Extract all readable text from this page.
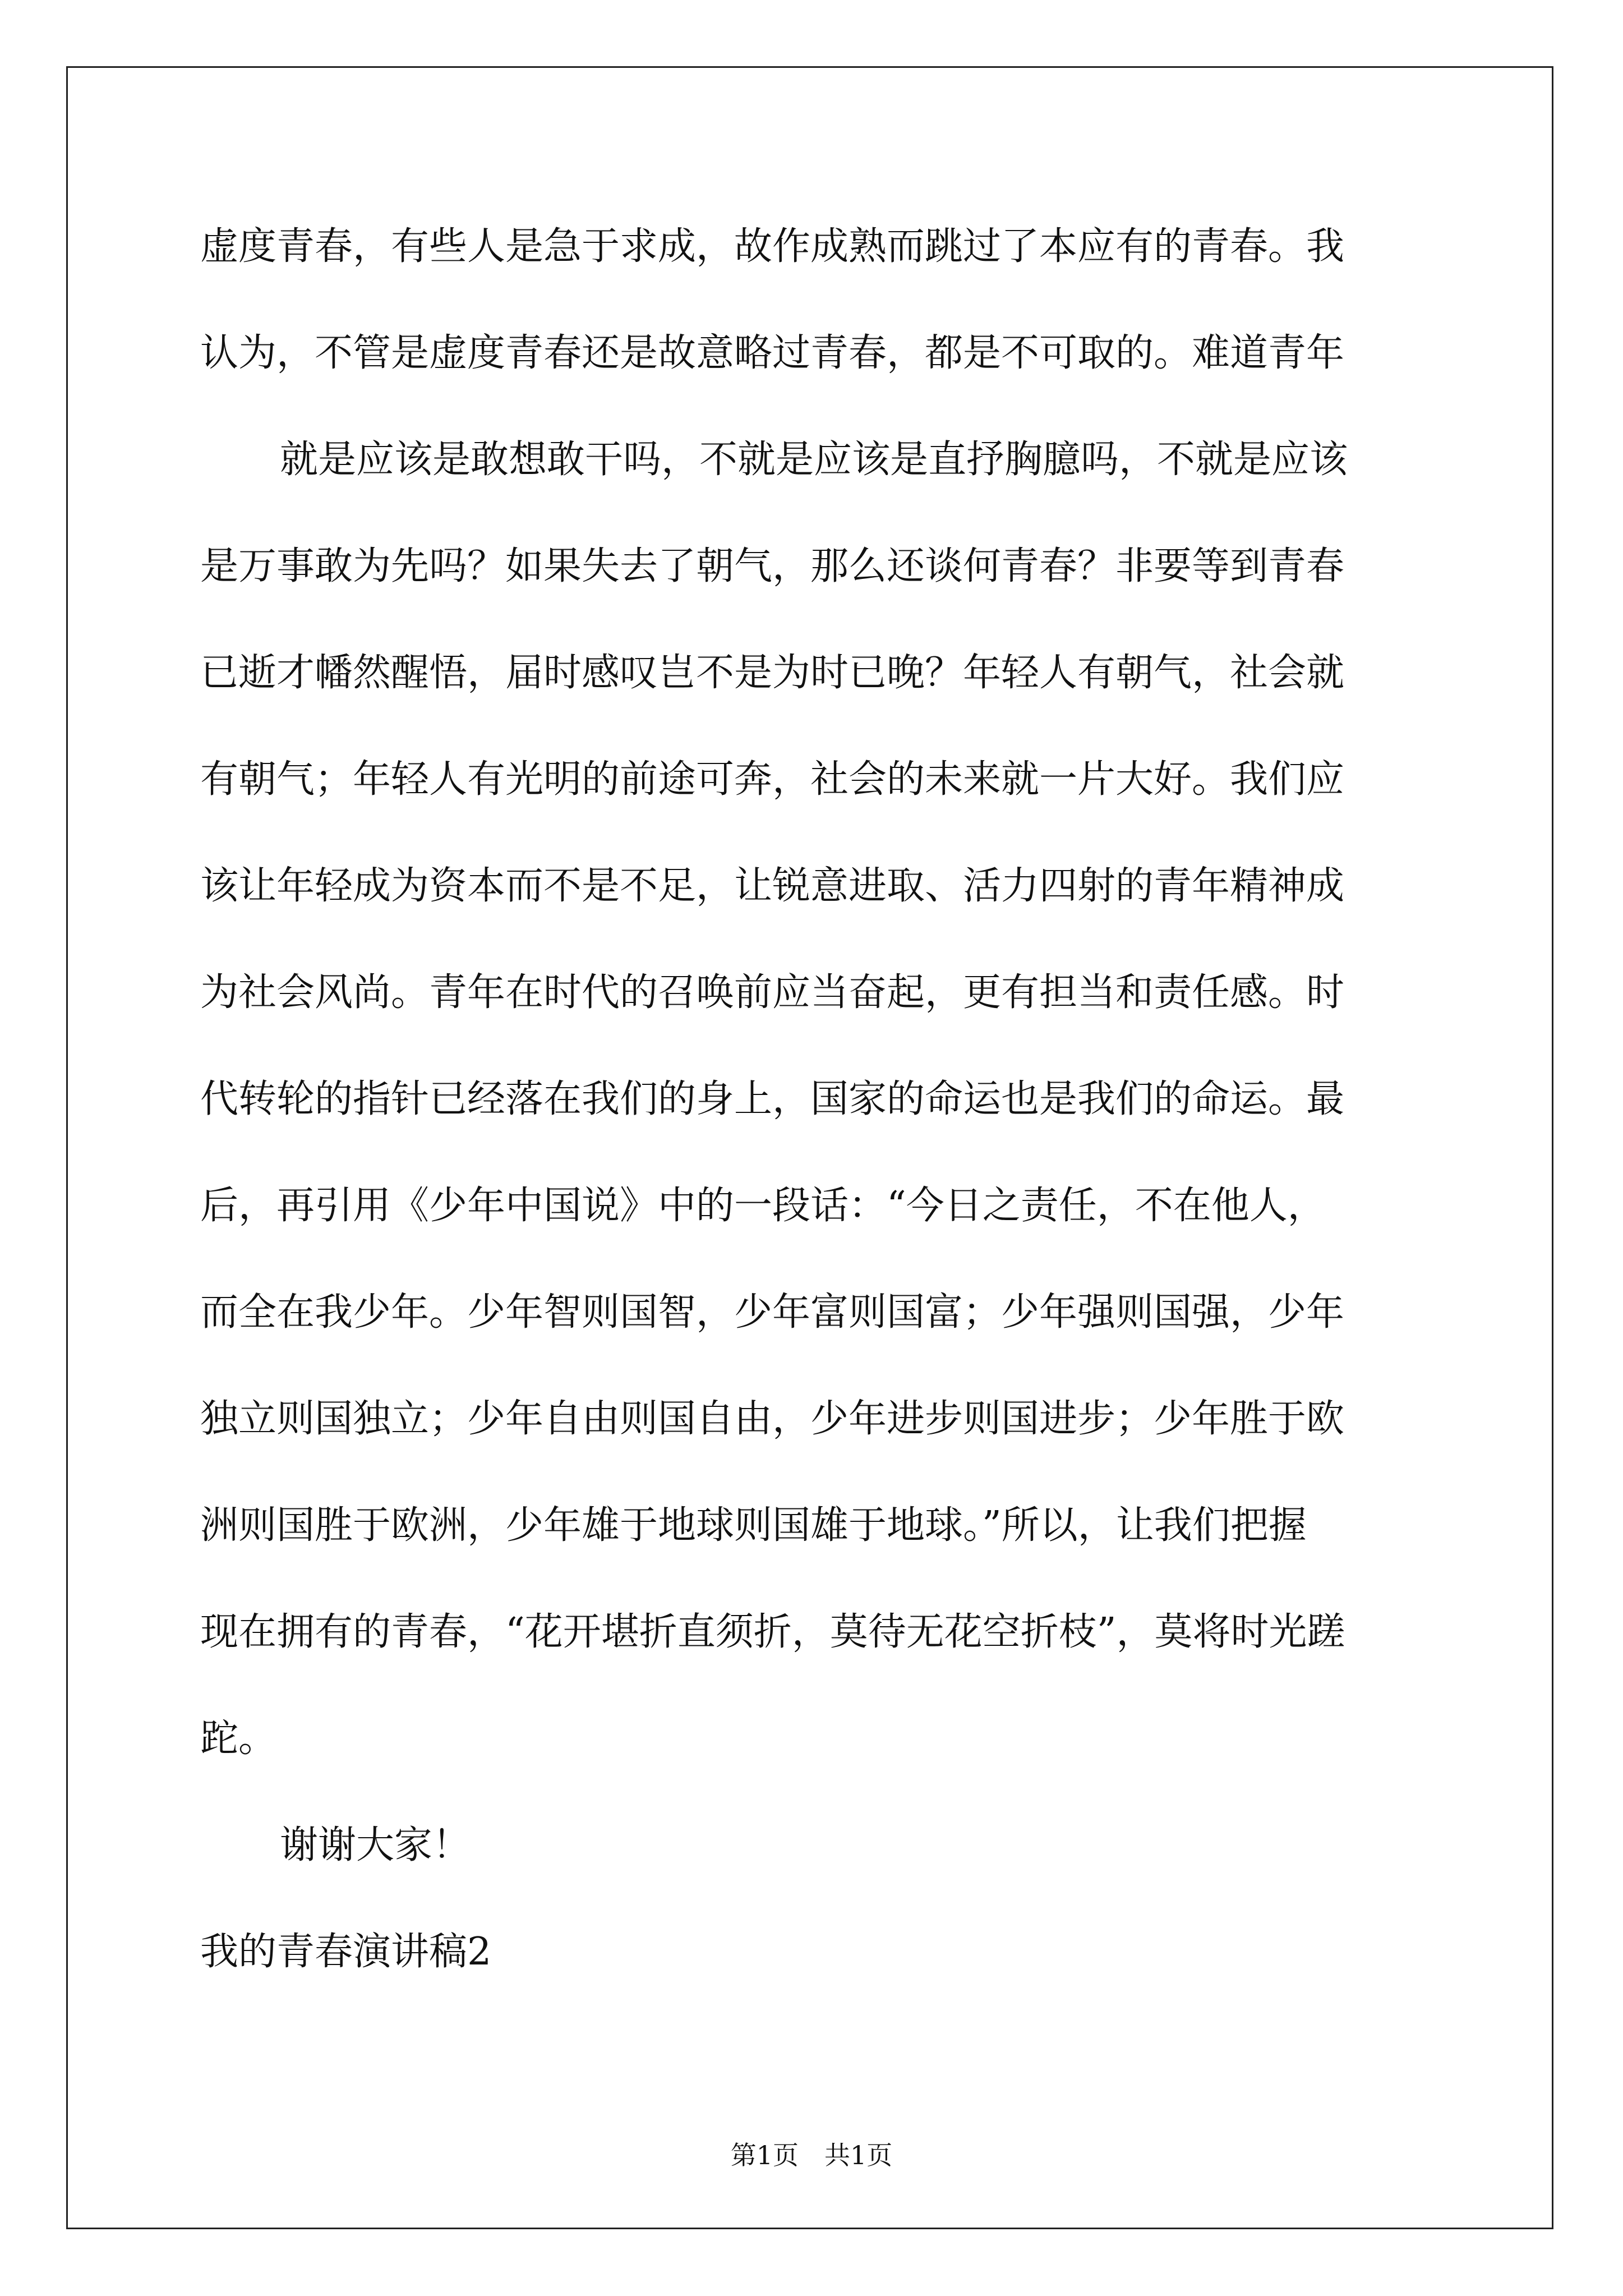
虚度青春，有些人是急于求成，故作成熟而跳过了本应有的青春。我
认为，不管是虚度青春还是故意略过青春，都是不可取的。难道青年
就是应该是敢想敢干吗，不就是应该是直抒胸臆吗，不就是应该
是万事敢为先吗？如果失去了朝气，那么还谈何青春？非要等到青春
已逝才幡然醒悟，届时感叹岂不是为时已晚？年轻人有朝气，社会就
有朝气；年轻人有光明的前途可奔，社会的未来就一片大好。我们应
该让年轻成为资本而不是不足，让锐意进取、活力四射的青年精神成
为社会风尚。青年在时代的召唤前应当奋起，更有担当和责任感。时
代转轮的指针已经落在我们的身上，国家的命运也是我们的命运。最
后，再引用《少年中国说》中的一段话：“今日之责任，不在他人，
而全在我少年。少年智则国智，少年富则国富；少年强则国强，少年
独立则国独立；少年自由则国自由，少年进步则国进步；少年胜于欧
洲则国胜于欧洲，少年雄于地球则国雄于地球。”所以，让我们把握
现在拥有的青春，“花开堪折直须折，莫待无花空折枝”，莫将时光蹉
跎。
谢谢大家！
我的青春演讲稿2
第1页 共1页
